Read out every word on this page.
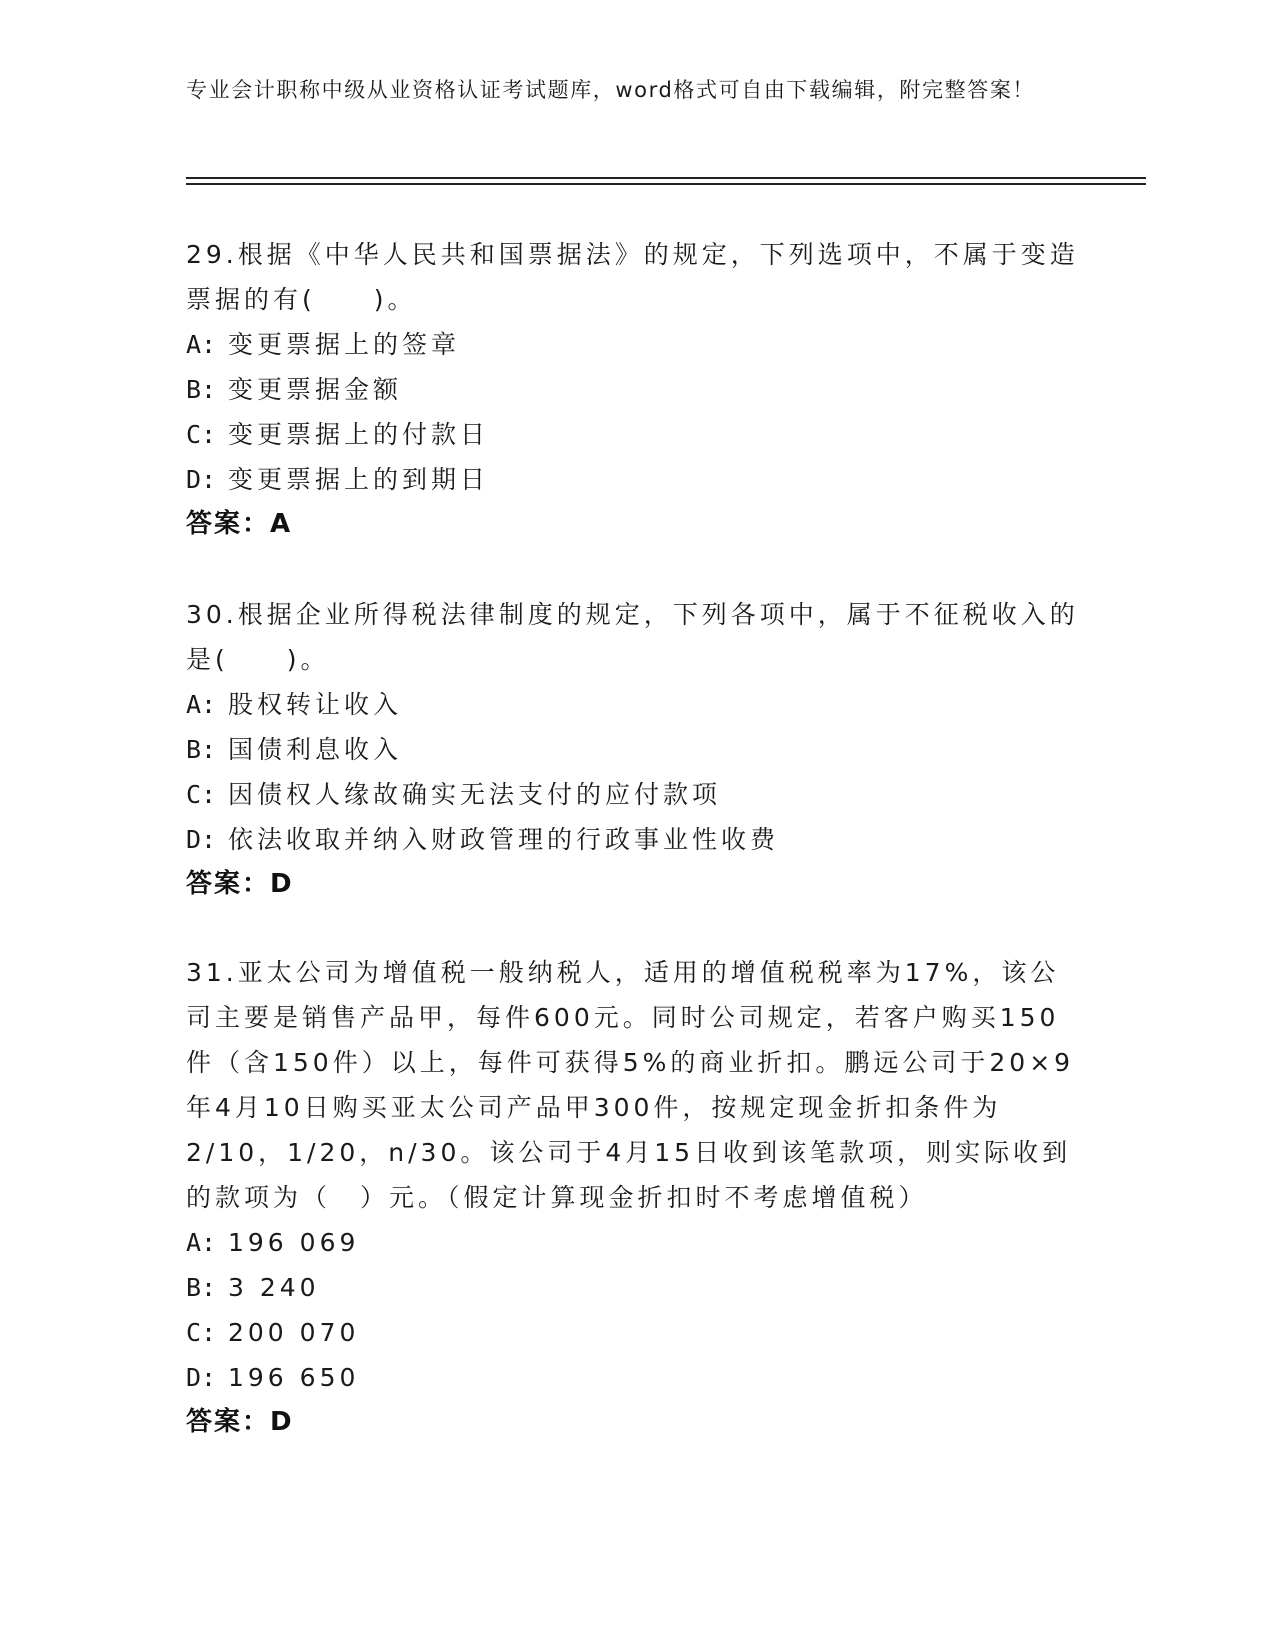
专业会计职称中级从业资格认证考试题库，word格式可自由下载编辑，附完整答案！
29.根据《中华人民共和国票据法》的规定，下列选项中，不属于变造票据的有(　　)。
A: 变更票据上的签章
B: 变更票据金额
C: 变更票据上的付款日
D: 变更票据上的到期日
答案：A
30.根据企业所得税法律制度的规定，下列各项中，属于不征税收入的是(　　)。
A: 股权转让收入
B: 国债利息收入
C: 因债权人缘故确实无法支付的应付款项
D: 依法收取并纳入财政管理的行政事业性收费
答案：D
31.亚太公司为增值税一般纳税人，适用的增值税税率为17%，该公司主要是销售产品甲，每件600元。同时公司规定，若客户购买150件（含150件）以上，每件可获得5%的商业折扣。鹏远公司于20×9年4月10日购买亚太公司产品甲300件，按规定现金折扣条件为2/10，1/20，n/30。该公司于4月15日收到该笔款项，则实际收到的款项为（　）元。（假定计算现金折扣时不考虑增值税）
A: 196 069
B: 3 240
C: 200 070
D: 196 650
答案：D
